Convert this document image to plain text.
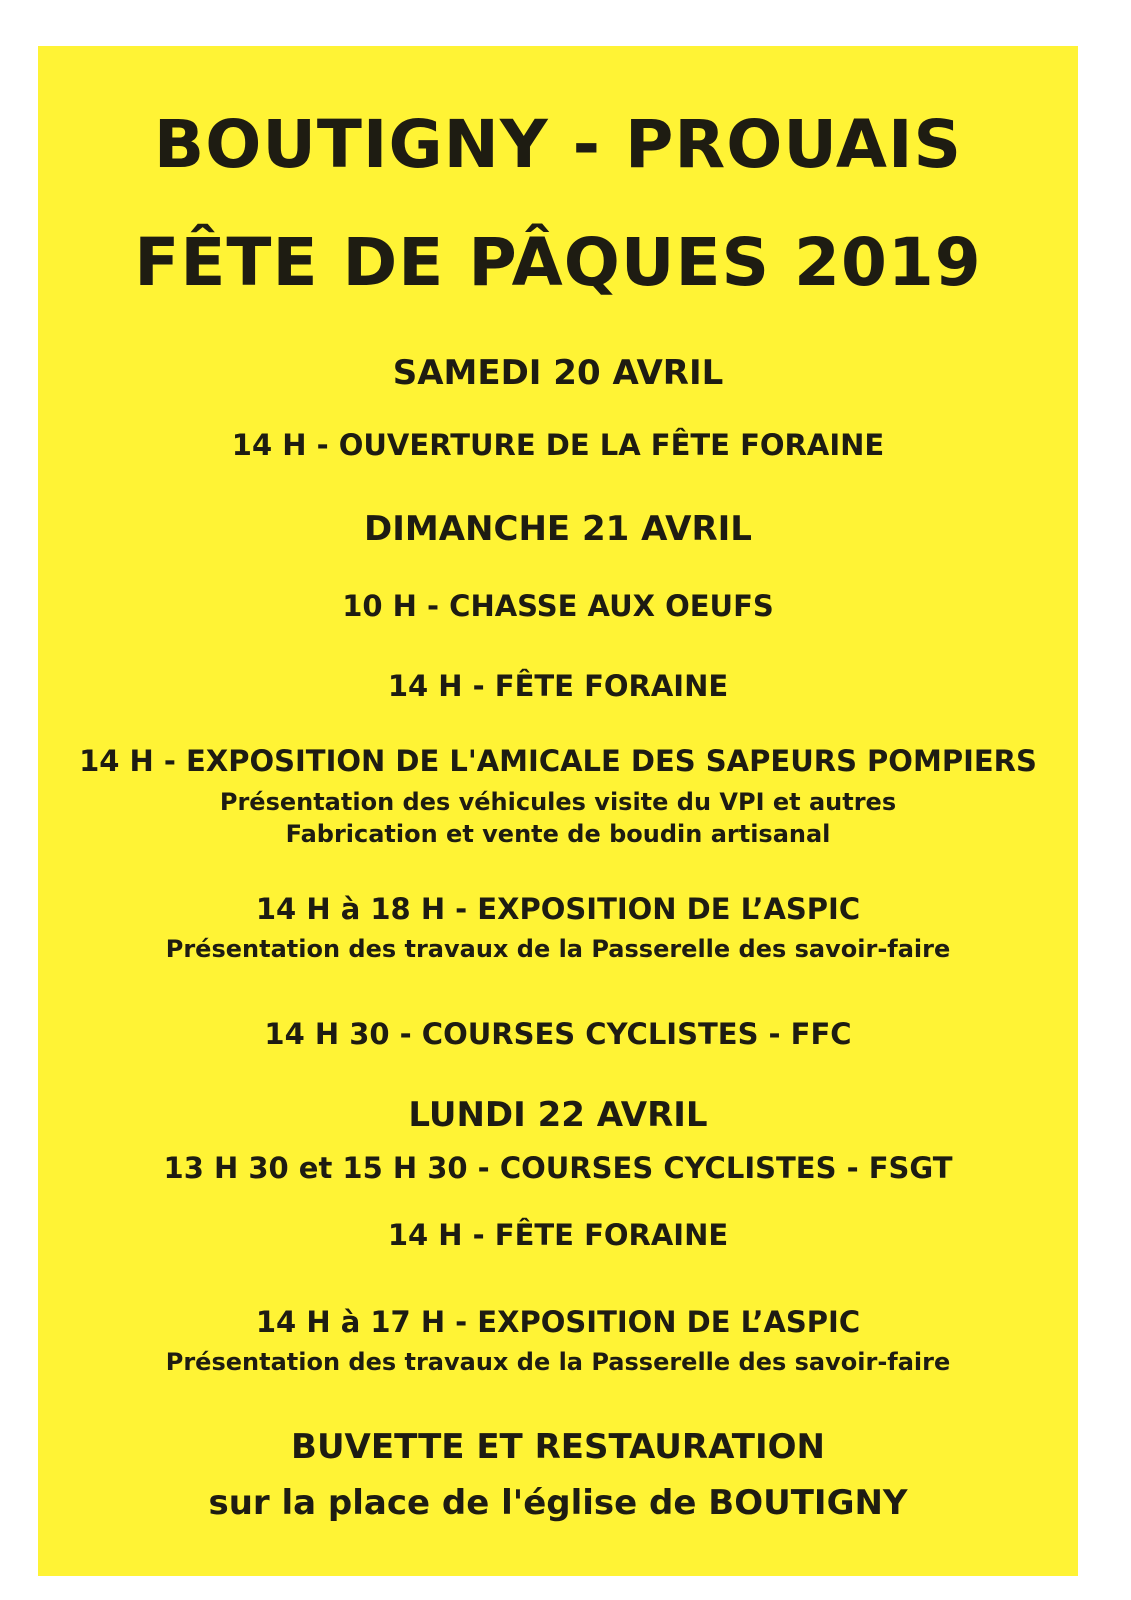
BOUTIGNY - PROUAIS
FÊTE DE PÂQUES 2019
SAMEDI 20 AVRIL
14 H - OUVERTURE DE LA FÊTE FORAINE
DIMANCHE 21 AVRIL
10 H - CHASSE AUX OEUFS
14 H - FÊTE FORAINE
14 H - EXPOSITION DE L'AMICALE DES SAPEURS POMPIERS
Présentation des véhicules visite du VPI et autres
Fabrication et vente de boudin artisanal
14 H à 18 H - EXPOSITION DE L’ASPIC
Présentation des travaux de la Passerelle des savoir-faire
14 H 30 - COURSES CYCLISTES - FFC
LUNDI 22 AVRIL
13 H 30 et 15 H 30 - COURSES CYCLISTES - FSGT
14 H - FÊTE FORAINE
14 H à 17 H - EXPOSITION DE L’ASPIC
Présentation des travaux de la Passerelle des savoir-faire
BUVETTE ET RESTAURATION
sur la place de l'église de BOUTIGNY
